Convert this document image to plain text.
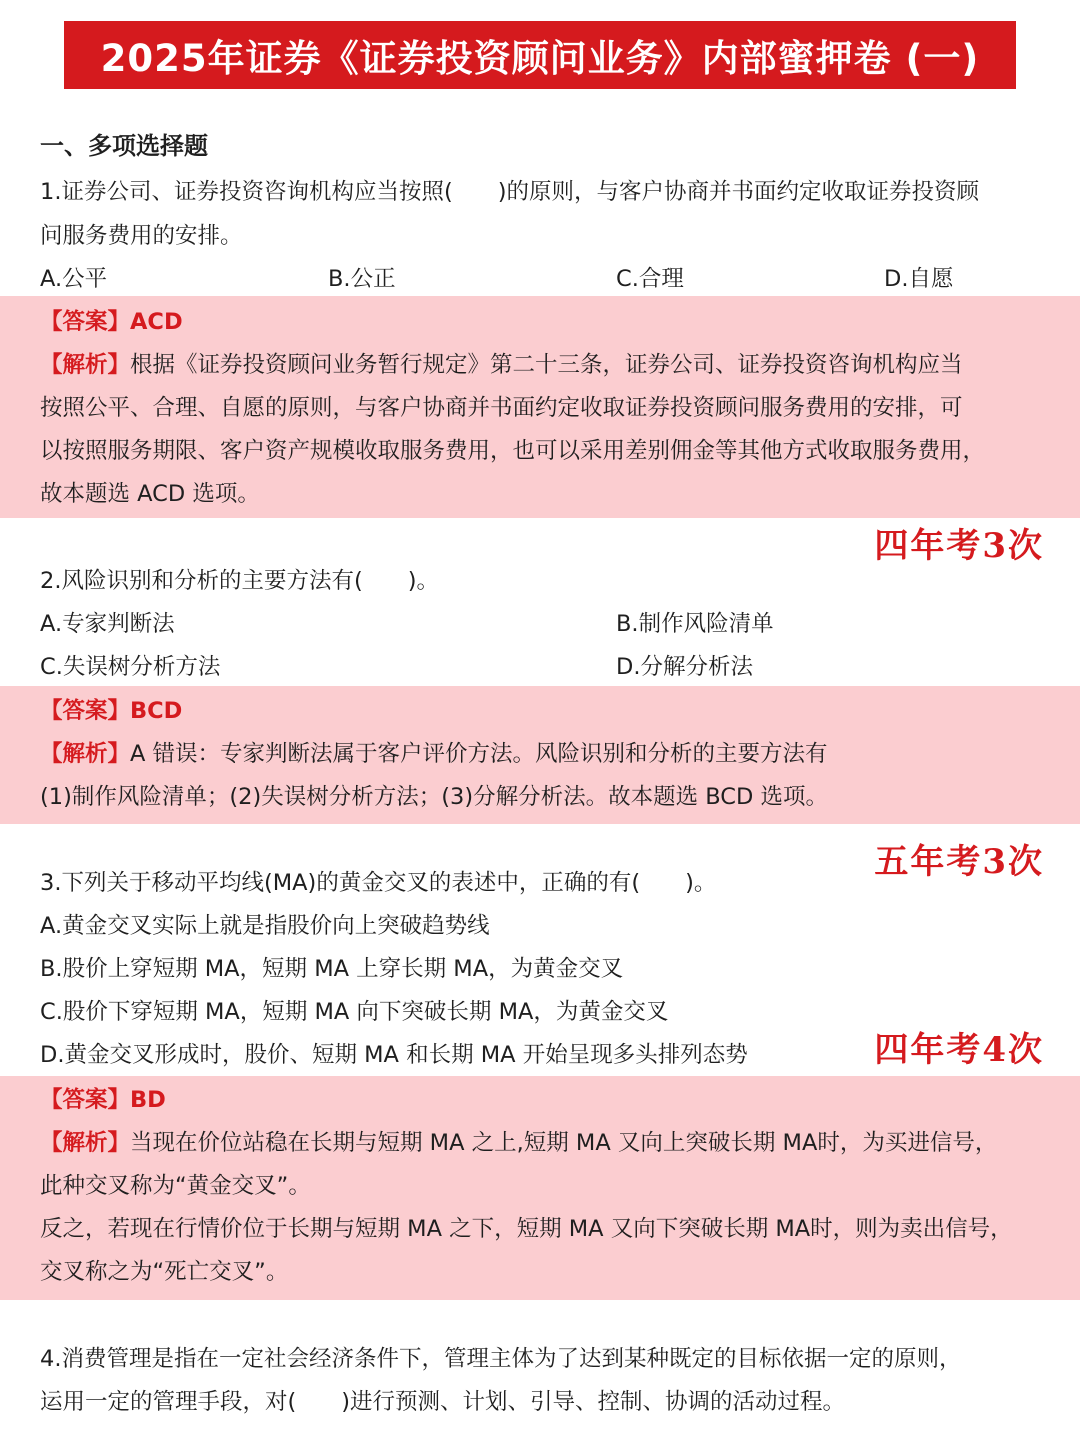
2025年证券《证券投资顾问业务》内部蜜押卷 (一)
一、多项选择题
1.证券公司、证券投资咨询机构应当按照(　　)的原则，与客户协商并书面约定收取证券投资顾
问服务费用的安排。
A.公平	B.公正	C.合理	D.自愿
【答案】ACD
【解析】根据《证券投资顾问业务暂行规定》第二十三条，证券公司、证券投资咨询机构应当
按照公平、合理、自愿的原则，与客户协商并书面约定收取证券投资顾问服务费用的安排，可
以按照服务期限、客户资产规模收取服务费用，也可以采用差别佣金等其他方式收取服务费用，
故本题选 ACD 选项。
四年考3次
2.风险识别和分析的主要方法有(　　)。
A.专家判断法	B.制作风险清单
C.失误树分析方法	D.分解分析法
【答案】BCD
【解析】A 错误：专家判断法属于客户评价方法。风险识别和分析的主要方法有
(1)制作风险清单；(2)失误树分析方法；(3)分解分析法。故本题选 BCD 选项。
五年考3次
3.下列关于移动平均线(MA)的黄金交叉的表述中，正确的有(　　)。
A.黄金交叉实际上就是指股价向上突破趋势线
B.股价上穿短期 MA，短期 MA 上穿长期 MA，为黄金交叉
C.股价下穿短期 MA，短期 MA 向下突破长期 MA，为黄金交叉
D.黄金交叉形成时，股价、短期 MA 和长期 MA 开始呈现多头排列态势	四年考4次
【答案】BD
【解析】当现在价位站稳在长期与短期 MA 之上,短期 MA 又向上突破长期 MA时，为买进信号，
此种交叉称为“黄金交叉”。
反之，若现在行情价位于长期与短期 MA 之下，短期 MA 又向下突破长期 MA时，则为卖出信号，
交叉称之为“死亡交叉”。
4.消费管理是指在一定社会经济条件下，管理主体为了达到某种既定的目标依据一定的原则，
运用一定的管理手段，对(　　)进行预测、计划、引导、控制、协调的活动过程。
